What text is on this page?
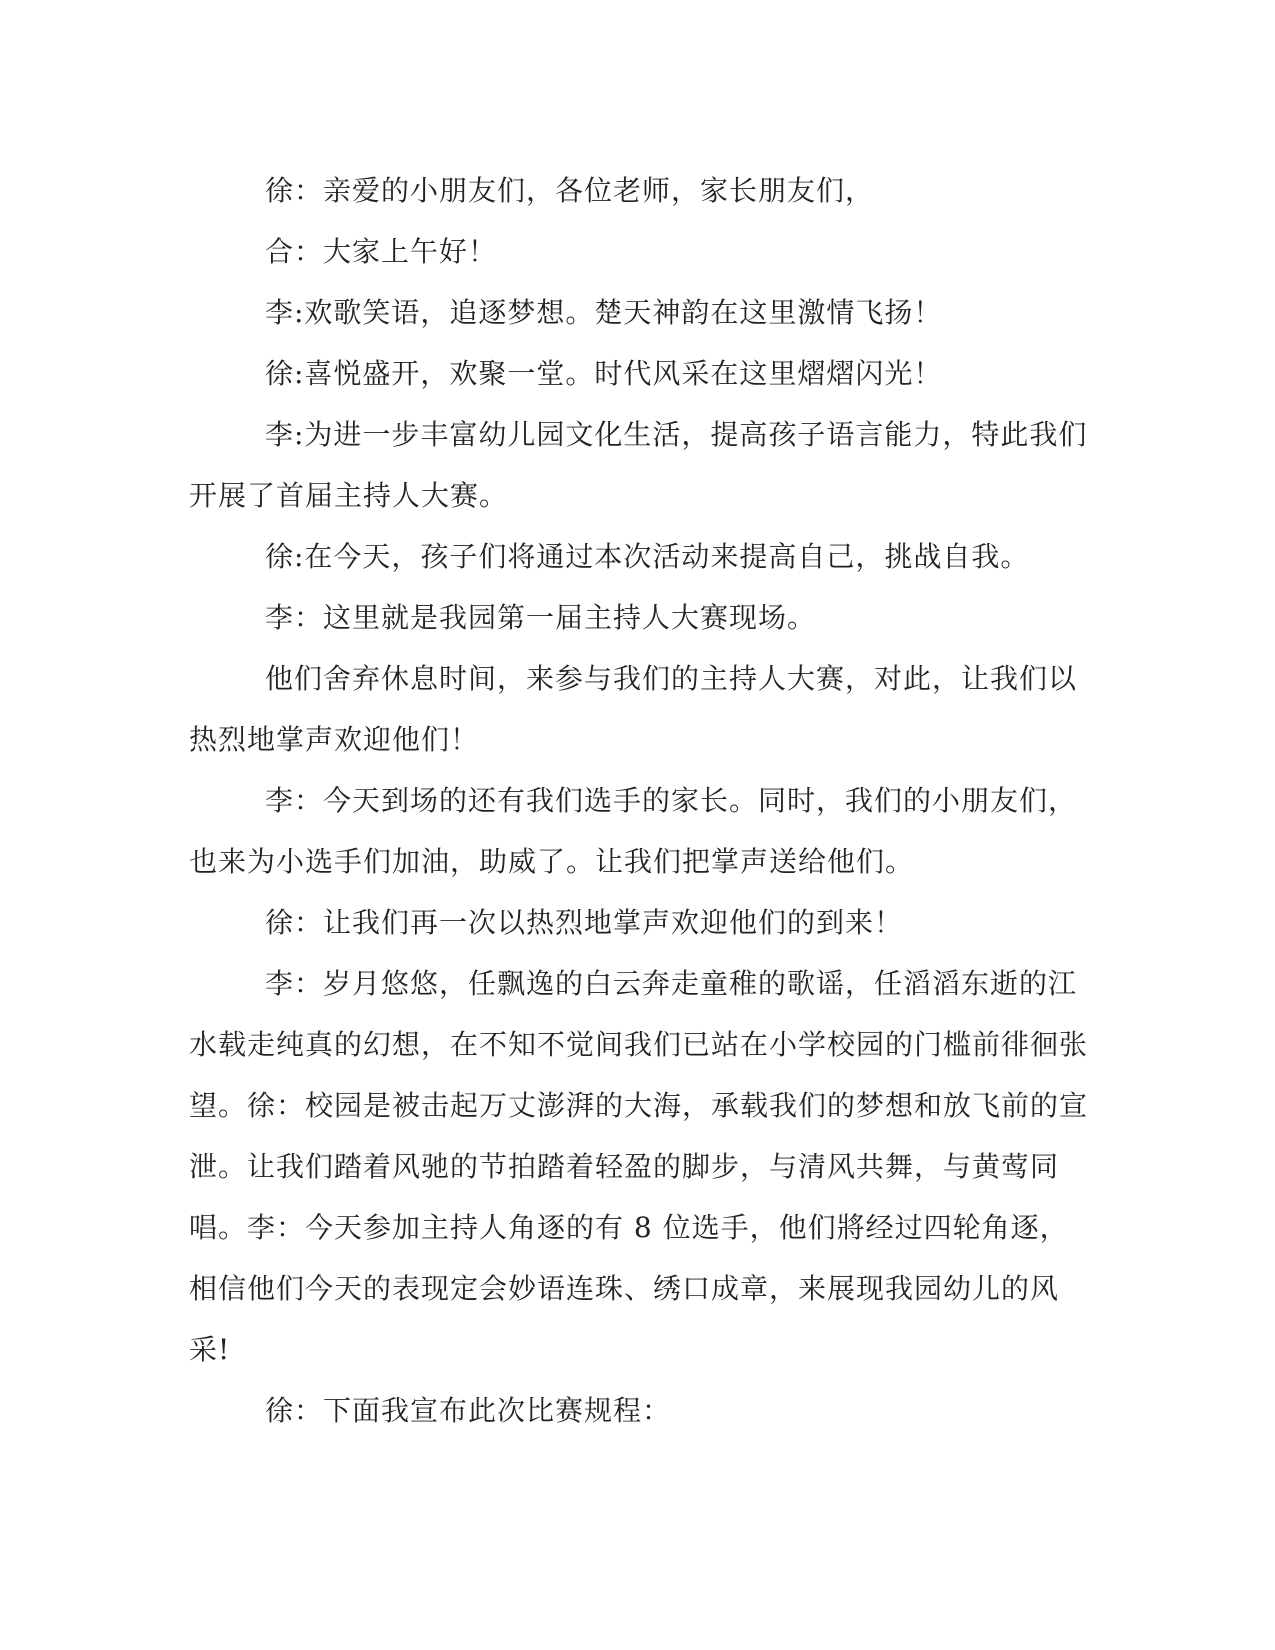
徐：亲爱的小朋友们，各位老师，家长朋友们，

合：大家上午好！

李:欢歌笑语，追逐梦想。楚天神韵在这里激情飞扬！

徐:喜悦盛开，欢聚一堂。时代风采在这里熠熠闪光！

李:为进一步丰富幼儿园文化生活，提高孩子语言能力，特此我们开展了首届主持人大赛。

徐:在今天，孩子们将通过本次活动来提高自己，挑战自我。

李：这里就是我园第一届主持人大赛现场。

他们舍弃休息时间，来参与我们的主持人大赛，对此，让我们以热烈地掌声欢迎他们！

李：今天到场的还有我们选手的家长。同时，我们的小朋友们，也来为小选手们加油，助威了。让我们把掌声送给他们。

徐：让我们再一次以热烈地掌声欢迎他们的到来！

李：岁月悠悠，任飘逸的白云奔走童稚的歌谣，任滔滔东逝的江水载走纯真的幻想，在不知不觉间我们已站在小学校园的门槛前徘徊张望。徐：校园是被击起万丈澎湃的大海，承载我们的梦想和放飞前的宣泄。让我们踏着风驰的节拍踏着轻盈的脚步，与清风共舞，与黄莺同唱。李：今天参加主持人角逐的有 8 位选手，他们將经过四轮角逐，相信他们今天的表现定会妙语连珠、绣口成章，来展现我园幼儿的风采!

徐：下面我宣布此次比赛规程：
